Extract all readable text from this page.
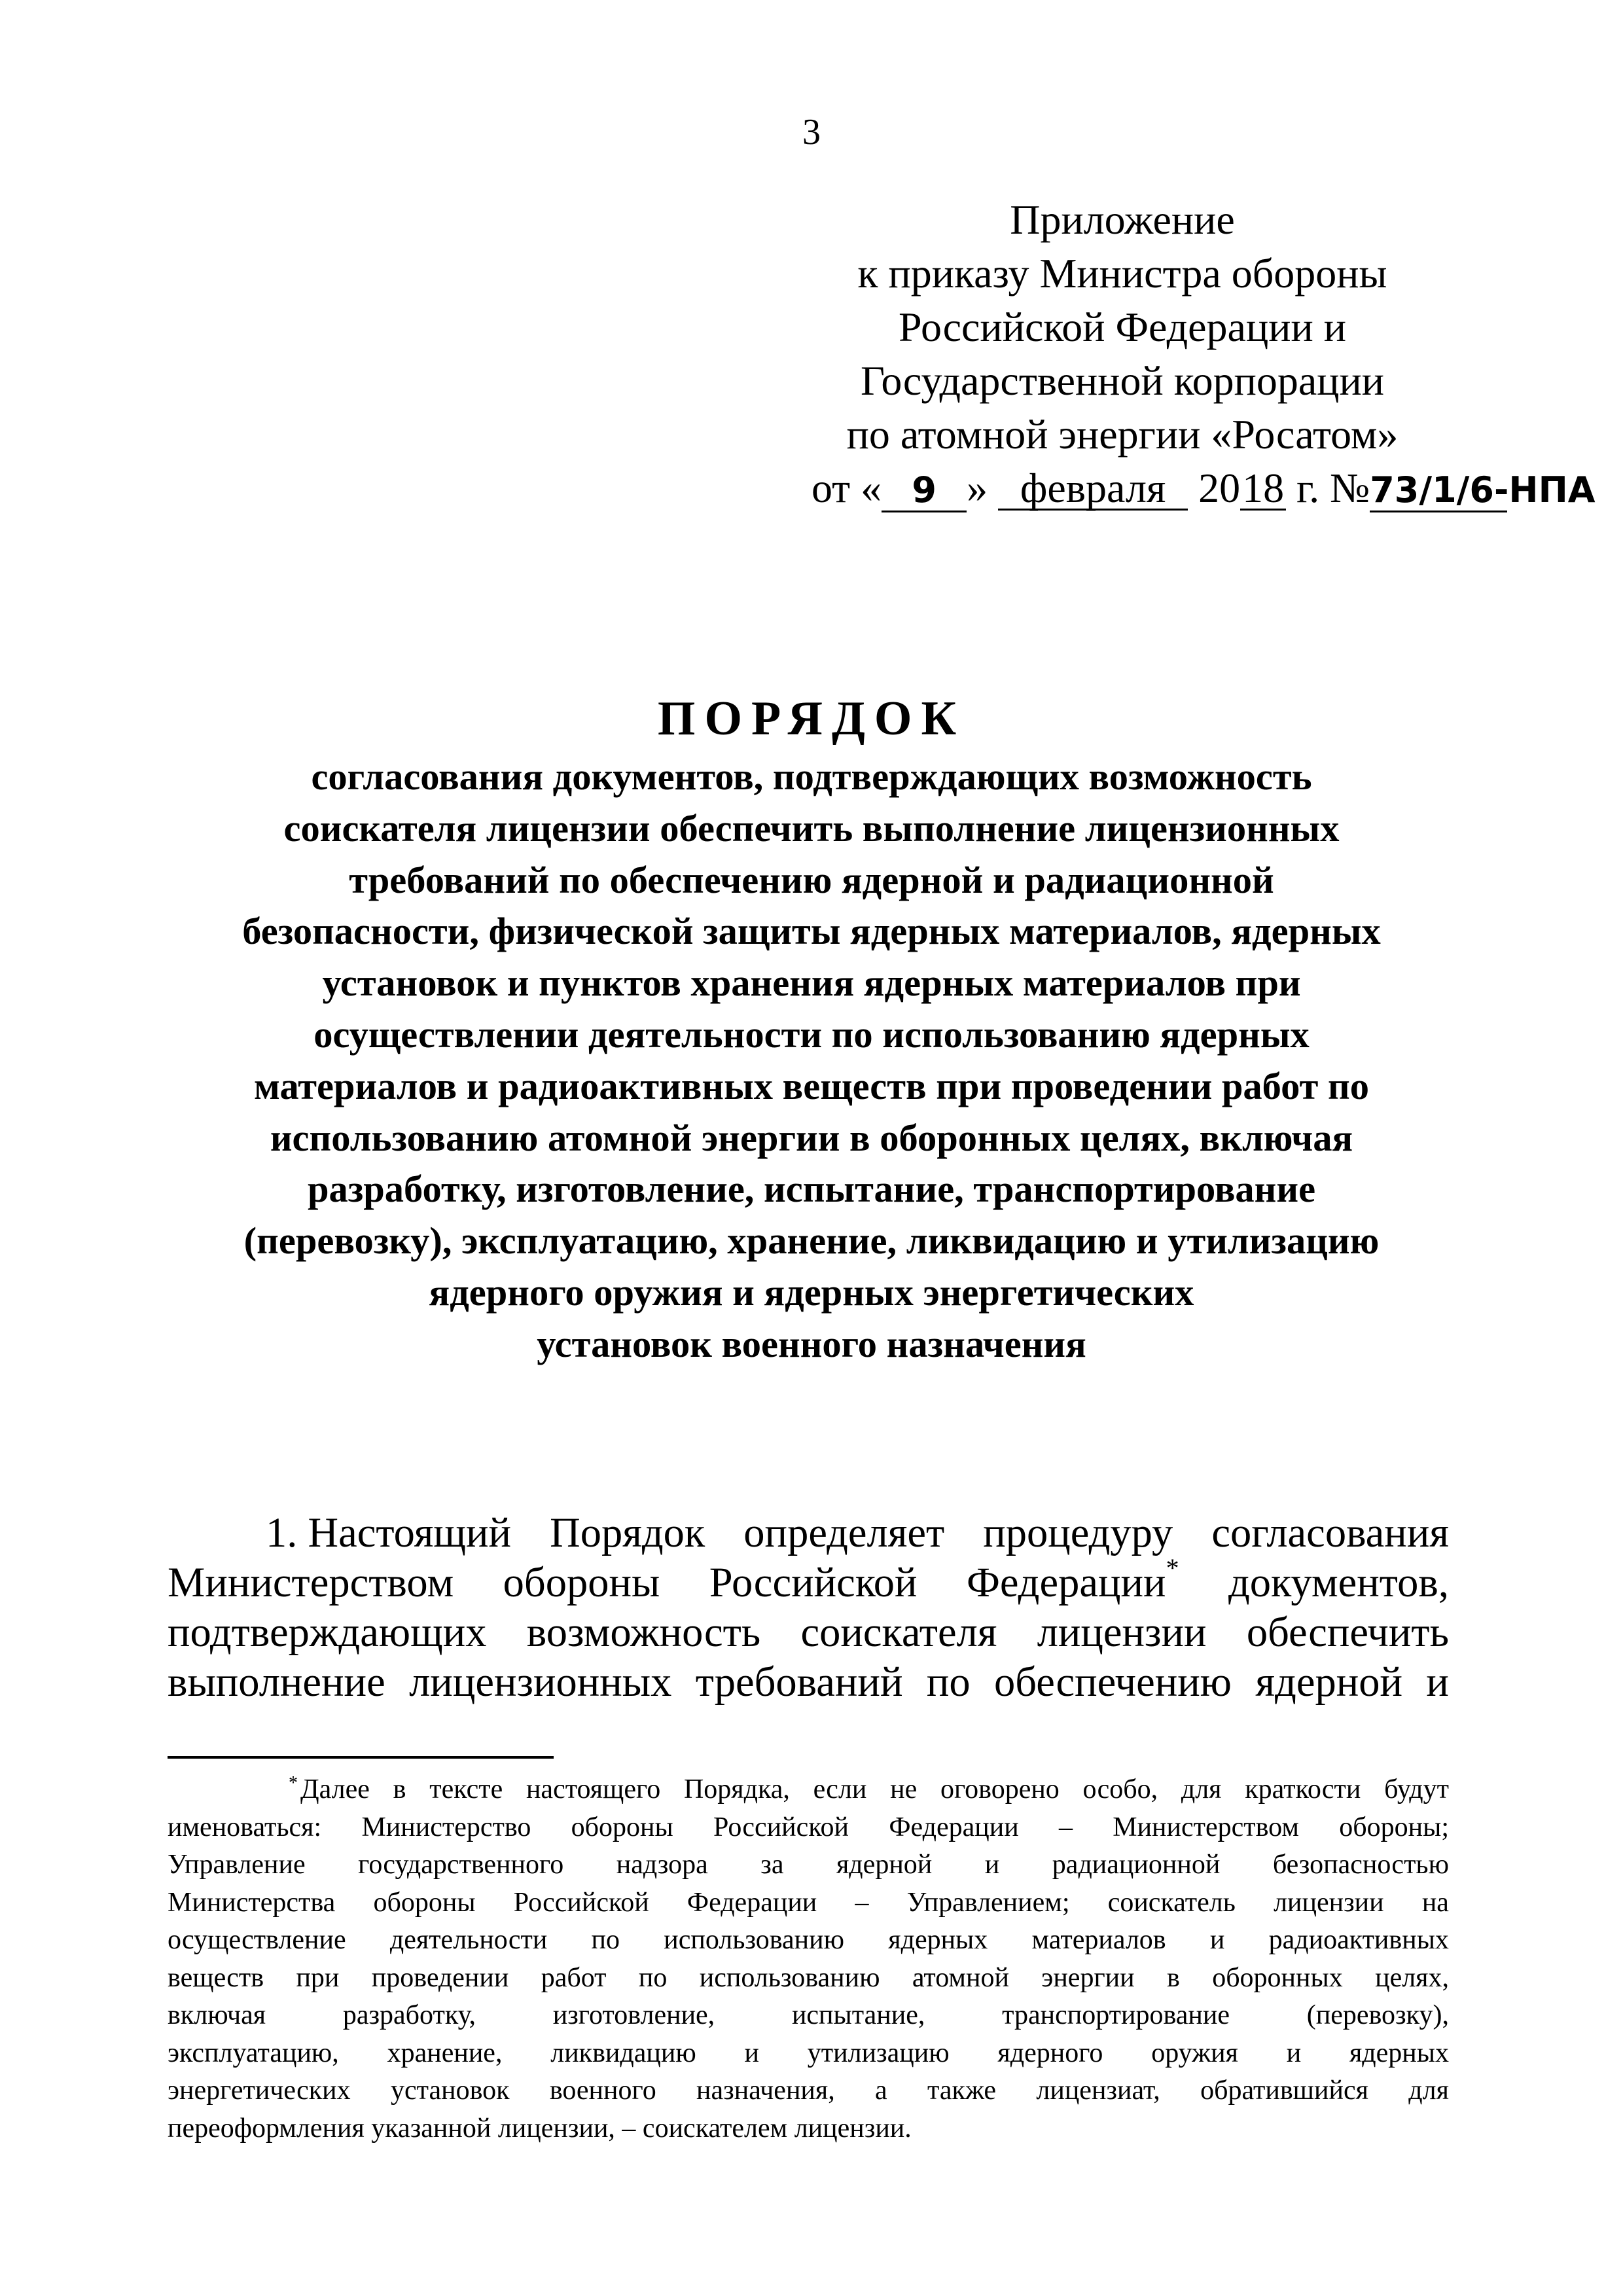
3
Приложение
к приказу Министра обороны
Российской Федерации и
Государственной корпорации
по атомной энергии «Росатом»
от « 9 » февраля 2018 г. №73/1/6-НПА
ПОРЯДОК
согласования документов, подтверждающих возможность
соискателя лицензии обеспечить выполнение лицензионных
требований по обеспечению ядерной и радиационной
безопасности, физической защиты ядерных материалов, ядерных
установок и пунктов хранения ядерных материалов при
осуществлении деятельности по использованию ядерных
материалов и радиоактивных веществ при проведении работ по
использованию атомной энергии в оборонных целях, включая
разработку, изготовление, испытание, транспортирование
(перевозку), эксплуатацию, хранение, ликвидацию и утилизацию
ядерного оружия и ядерных энергетических
установок военного назначения
1. Настоящий Порядок определяет процедуру согласования
Министерством обороны Российской Федерации* документов,
подтверждающих возможность соискателя лицензии обеспечить
выполнение лицензионных требований по обеспечению ядерной и
*Далее в тексте настоящего Порядка, если не оговорено особо, для краткости будут
именоваться: Министерство обороны Российской Федерации – Министерством обороны;
Управление государственного надзора за ядерной и радиационной безопасностью
Министерства обороны Российской Федерации – Управлением; соискатель лицензии на
осуществление деятельности по использованию ядерных материалов и радиоактивных
веществ при проведении работ по использованию атомной энергии в оборонных целях,
включая	разработку,	изготовление,	испытание,	транспортирование	(перевозку),
эксплуатацию, хранение, ликвидацию и утилизацию ядерного оружия и ядерных
энергетических установок военного назначения, а также лицензиат, обратившийся для
переоформления указанной лицензии, – соискателем лицензии.
